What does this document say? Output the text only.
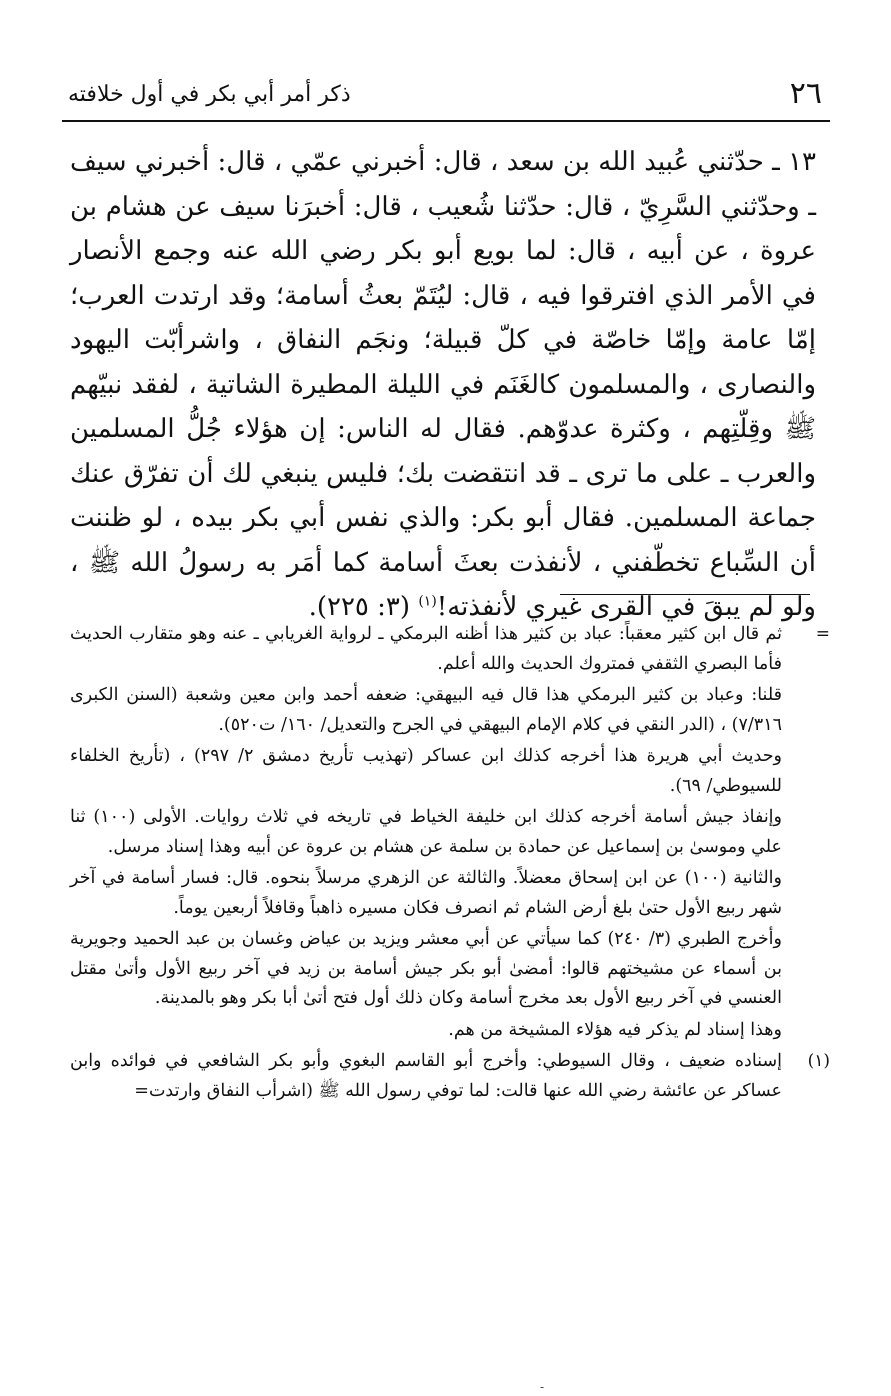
٢٦
ذكر أمر أبي بكر في أول خلافته

١٣ ـ حدّثني عُبيد الله بن سعد ، قال: أخبرني عمّي ، قال: أخبرني سيف ـ وحدّثني السَّرِيّ ، قال: حدّثنا شُعيب ، قال: أخبرَنا سيف عن هشام بن عروة ، عن أبيه ، قال: لما بويع أبو بكر رضي الله عنه وجمع الأنصار في الأمر الذي افترقوا فيه ، قال: ليُتَمّ بعثُ أسامة؛ وقد ارتدت العرب؛ إمّا عامة وإمّا خاصّة في كلّ قبيلة؛ ونجَم النفاق ، واشرأبّت اليهود والنصارى ، والمسلمون كالغَنَم في الليلة المطيرة الشاتية ، لفقد نبيّهم ﷺ وقِلّتِهم ، وكثرة عدوّهم. فقال له الناس: إن هؤلاء جُلُّ المسلمين والعرب ـ على ما ترى ـ قد انتقضت بك؛ فليس ينبغي لك أن تفرّق عنك جماعة المسلمين. فقال أبو بكر: والذي نفس أبي بكر بيده ، لو ظننت أن السِّباع تخطّفني ، لأنفذت بعثَ أسامة كما أمَر به رسولُ الله ﷺ ، ولو لم يبقَ في القرى غيري لأنفذته!$^{(١)}$ (٣: ٢٢٥).

=

ثم قال ابن كثير معقباً: عباد بن كثير هذا أظنه البرمكي ـ لرواية الغريابي ـ عنه وهو متقارب الحديث فأما البصري الثقفي فمتروك الحديث والله أعلم.

قلنا: وعباد بن كثير البرمكي هذا قال فيه البيهقي: ضعفه أحمد وابن معين وشعبة (السنن الكبرى ٧/٣١٦) ، (الدر النقي في كلام الإمام البيهقي في الجرح والتعديل/ ١٦٠/ ت٥٢٠).

وحديث أبي هريرة هذا أخرجه كذلك ابن عساكر (تهذيب تأريخ دمشق ٢/ ٢٩٧) ، (تأريخ الخلفاء للسيوطي/ ٦٩).

وإنفاذ جيش أسامة أخرجه كذلك ابن خليفة الخياط في تاريخه في ثلاث روايات. الأولى (١٠٠) ثنا علي وموسىٰ بن إسماعيل عن حمادة بن سلمة عن هشام بن عروة عن أبيه وهذا إسناد مرسل.

والثانية (١٠٠) عن ابن إسحاق معضلاً. والثالثة عن الزهري مرسلاً بنحوه. قال: فسار أسامة في آخر شهر ربيع الأول حتىٰ بلغ أرض الشام ثم انصرف فكان مسيره ذاهباً وقافلاً أربعين يوماً.

وأخرج الطبري (٣/ ٢٤٠) كما سيأتي عن أبي معشر ويزيد بن عياض وغسان بن عبد الحميد وجويرية بن أسماء عن مشيختهم قالوا: أمضىٰ أبو بكر جيش أسامة بن زيد في آخر ربيع الأول وأتىٰ مقتل العنسي في آخر ربيع الأول بعد مخرج أسامة وكان ذلك أول فتح أتىٰ أبا بكر وهو بالمدينة.

وهذا إسناد لم يذكر فيه هؤلاء المشيخة من هم.

(١)

إسناده ضعيف ، وقال السيوطي: وأخرج أبو القاسم البغوي وأبو بكر الشافعي في فوائده وابن عساكر عن عائشة رضي الله عنها قالت: لما توفي رسول الله ﷺ (اشرأب النفاق وارتدت=

-
